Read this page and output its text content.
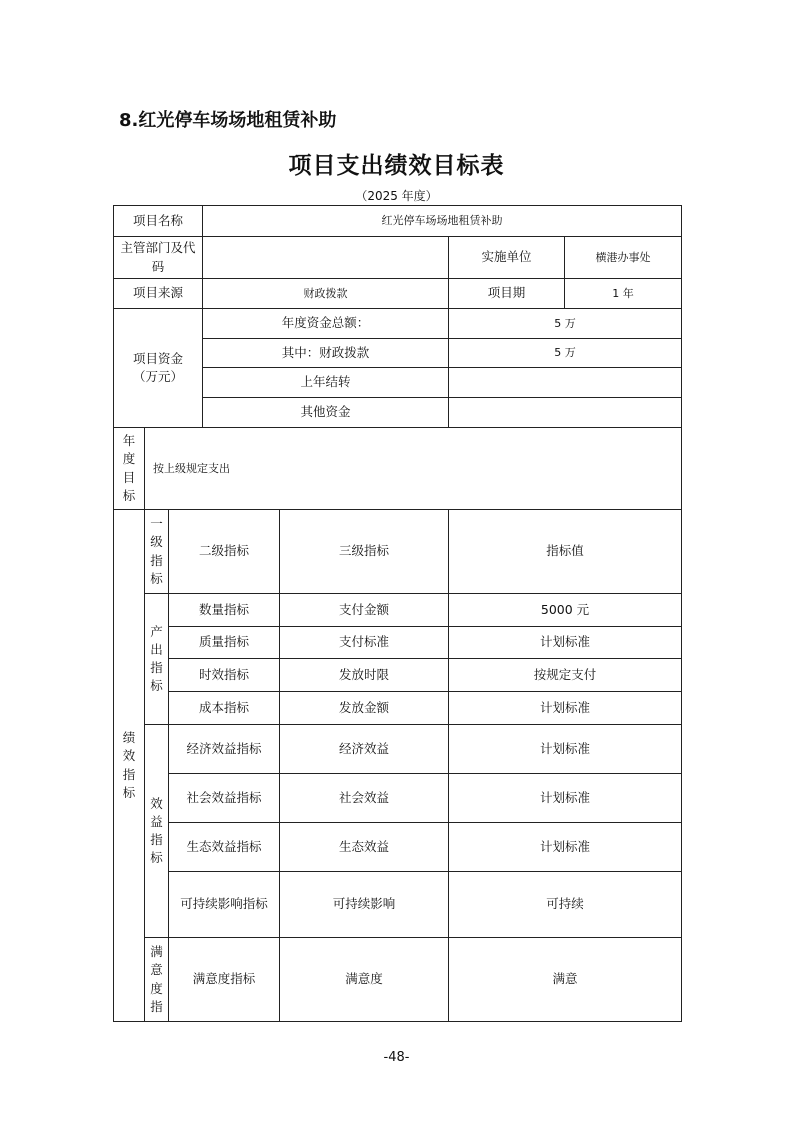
8.红光停车场场地租赁补助
项目支出绩效目标表
（2025 年度）
项目名称			红光停车场场地租赁补助			
主管部门及代码					实施单位	横港办事处
项目来源			财政拨款		项目期	1 年
项目资金（万元）			年度资金总额：		5 万	
			其中：财政拨款		5 万	
			上年结转			
			其他资金			
年度目标	按上级规定支出					
绩效指标	一级指标	二级指标		三级指标	指标值	
	产出指标	数量指标		支付金额	5000 元	
		质量指标		支付标准	计划标准	
		时效指标		发放时限	按规定支付	
		成本指标		发放金额	计划标准	
	效益指标	经济效益指标		经济效益	计划标准	
		社会效益指标		社会效益	计划标准	
		生态效益指标		生态效益	计划标准	
		可持续影响指标		可持续影响	可持续	
	满意度指	满意度指标		满意度	满意	
-48-
